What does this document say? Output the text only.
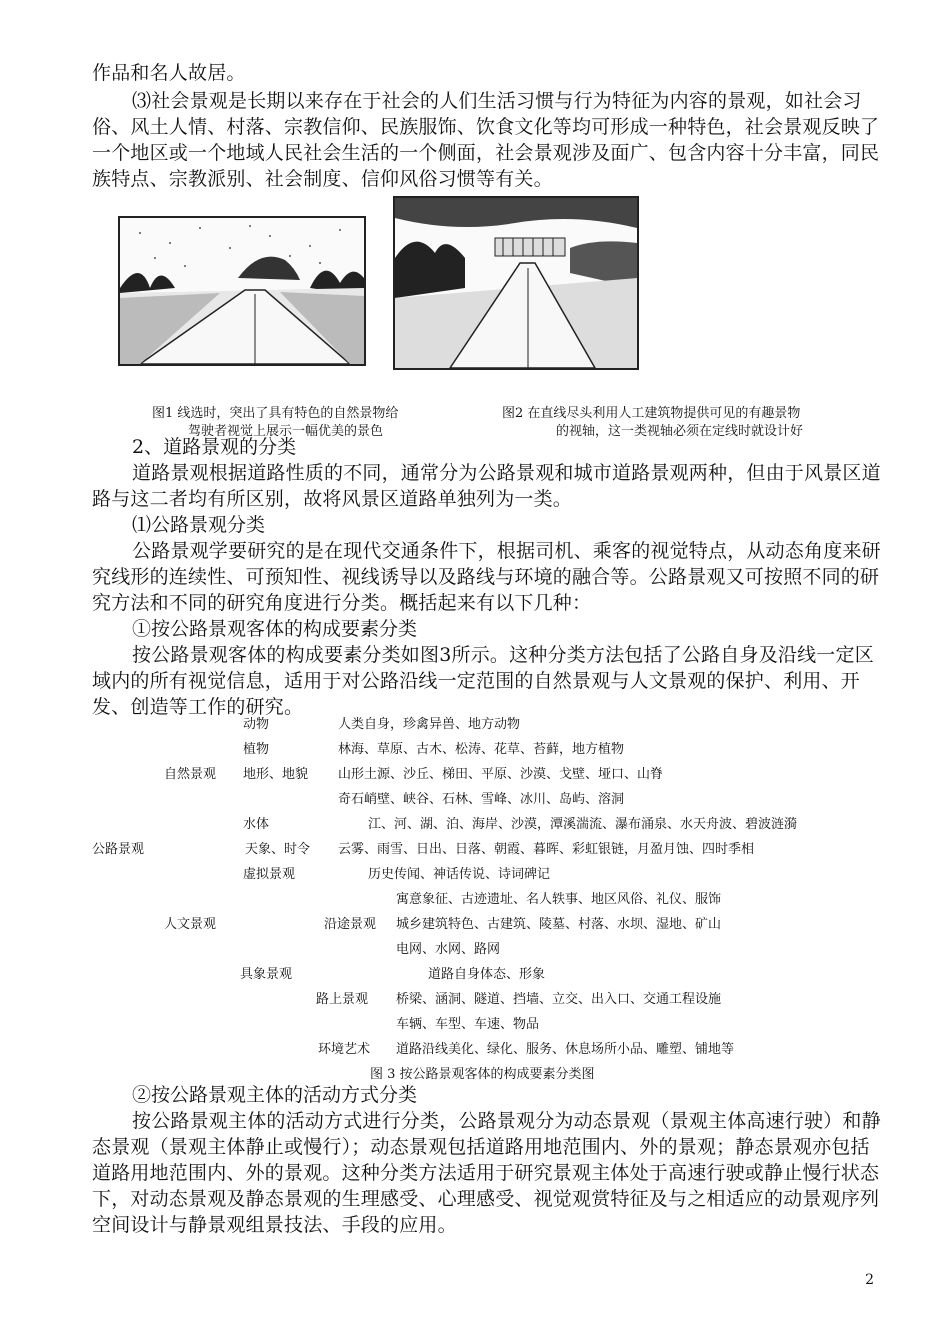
作品和名人故居。

⑶社会景观是长期以来存在于社会的人们生活习惯与行为特征为内容的景观，如社会习俗、风土人情、村落、宗教信仰、民族服饰、饮食文化等均可形成一种特色，社会景观反映了一个地区或一个地域人民社会生活的一个侧面，社会景观涉及面广、包含内容十分丰富，同民族特点、宗教派别、社会制度、信仰风俗习惯等有关。

图1 线选时，突出了具有特色的自然景物给
驾驶者视觉上展示一幅优美的景色
图2 在直线尽头利用人工建筑物提供可见的有趣景物
的视轴，这一类视轴必须在定线时就设计好
2、道路景观的分类

道路景观根据道路性质的不同，通常分为公路景观和城市道路景观两种，但由于风景区道路与这二者均有所区别，故将风景区道路单独列为一类。

⑴公路景观分类

公路景观学要研究的是在现代交通条件下，根据司机、乘客的视觉特点，从动态角度来研究线形的连续性、可预知性、视线诱导以及路线与环境的融合等。公路景观又可按照不同的研究方法和不同的研究角度进行分类。概括起来有以下几种：

①按公路景观客体的构成要素分类

按公路景观客体的构成要素分类如图3所示。这种分类方法包括了公路自身及沿线一定区域内的所有视觉信息，适用于对公路沿线一定范围的自然景观与人文景观的保护、利用、开发、创造等工作的研究。

动物	人类自身，珍禽异兽、地方动物
植物	林海、草原、古木、松涛、花草、苔藓，地方植物
自然景观 地形、地貌 山形土源、沙丘、梯田、平原、沙漠、戈壁、垭口、山脊
奇石峭壁、峡谷、石林、雪峰、冰川、岛屿、溶洞
水体	江、河、湖、泊、海岸、沙漠，潭溪湍流、瀑布涌泉、水天舟波、碧波涟漪
公路景观	天象、时令 云雾、雨雪、日出、日落、朝霞、暮晖、彩虹银链，月盈月蚀、四时季相
虚拟景观	历史传闻、神话传说、诗词碑记
寓意象征、古迹遗址、名人轶事、地区风俗、礼仪、服饰
人文景观	沿途景观 城乡建筑特色、古建筑、陵墓、村落、水坝、湿地、矿山
电网、水网、路网
具象景观	道路自身体态、形象
路上景观 桥梁、涵洞、隧道、挡墙、立交、出入口、交通工程设施
车辆、车型、车速、物品
环境艺术 道路沿线美化、绿化、服务、休息场所小品、雕塑、铺地等
图 3 按公路景观客体的构成要素分类图
②按公路景观主体的活动方式分类

按公路景观主体的活动方式进行分类，公路景观分为动态景观（景观主体高速行驶）和静态景观（景观主体静止或慢行）；动态景观包括道路用地范围内、外的景观；静态景观亦包括道路用地范围内、外的景观。这种分类方法适用于研究景观主体处于高速行驶或静止慢行状态下，对动态景观及静态景观的生理感受、心理感受、视觉观赏特征及与之相适应的动景观序列空间设计与静景观组景技法、手段的应用。

2
